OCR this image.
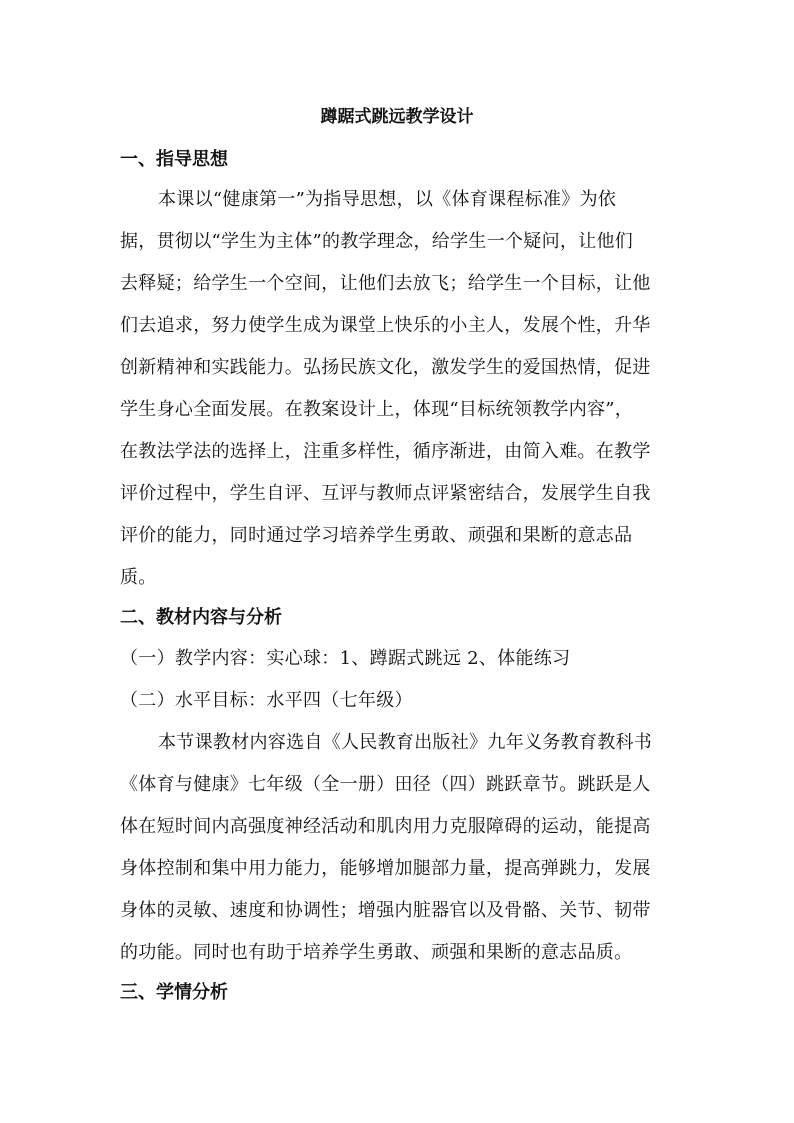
蹲踞式跳远教学设计
一、指导思想
本课以“健康第一”为指导思想，以《体育课程标准》为依
据，贯彻以“学生为主体”的教学理念，给学生一个疑问，让他们
去释疑；给学生一个空间，让他们去放飞；给学生一个目标，让他
们去追求，努力使学生成为课堂上快乐的小主人，发展个性，升华
创新精神和实践能力。弘扬民族文化，激发学生的爱国热情，促进
学生身心全面发展。在教案设计上，体现“目标统领教学内容”，
在教法学法的选择上，注重多样性，循序渐进，由简入难。在教学
评价过程中，学生自评、互评与教师点评紧密结合，发展学生自我
评价的能力，同时通过学习培养学生勇敢、顽强和果断的意志品
质。
二、教材内容与分析
（一）教学内容：实心球：1、蹲踞式跳远 2、体能练习
（二）水平目标：水平四（七年级）
本节课教材内容选自《人民教育出版社》九年义务教育教科书
《体育与健康》七年级（全一册）田径（四）跳跃章节。跳跃是人
体在短时间内高强度神经活动和肌肉用力克服障碍的运动，能提高
身体控制和集中用力能力，能够增加腿部力量，提高弹跳力，发展
身体的灵敏、速度和协调性；增强内脏器官以及骨骼、关节、韧带
的功能。同时也有助于培养学生勇敢、顽强和果断的意志品质。
三、学情分析
